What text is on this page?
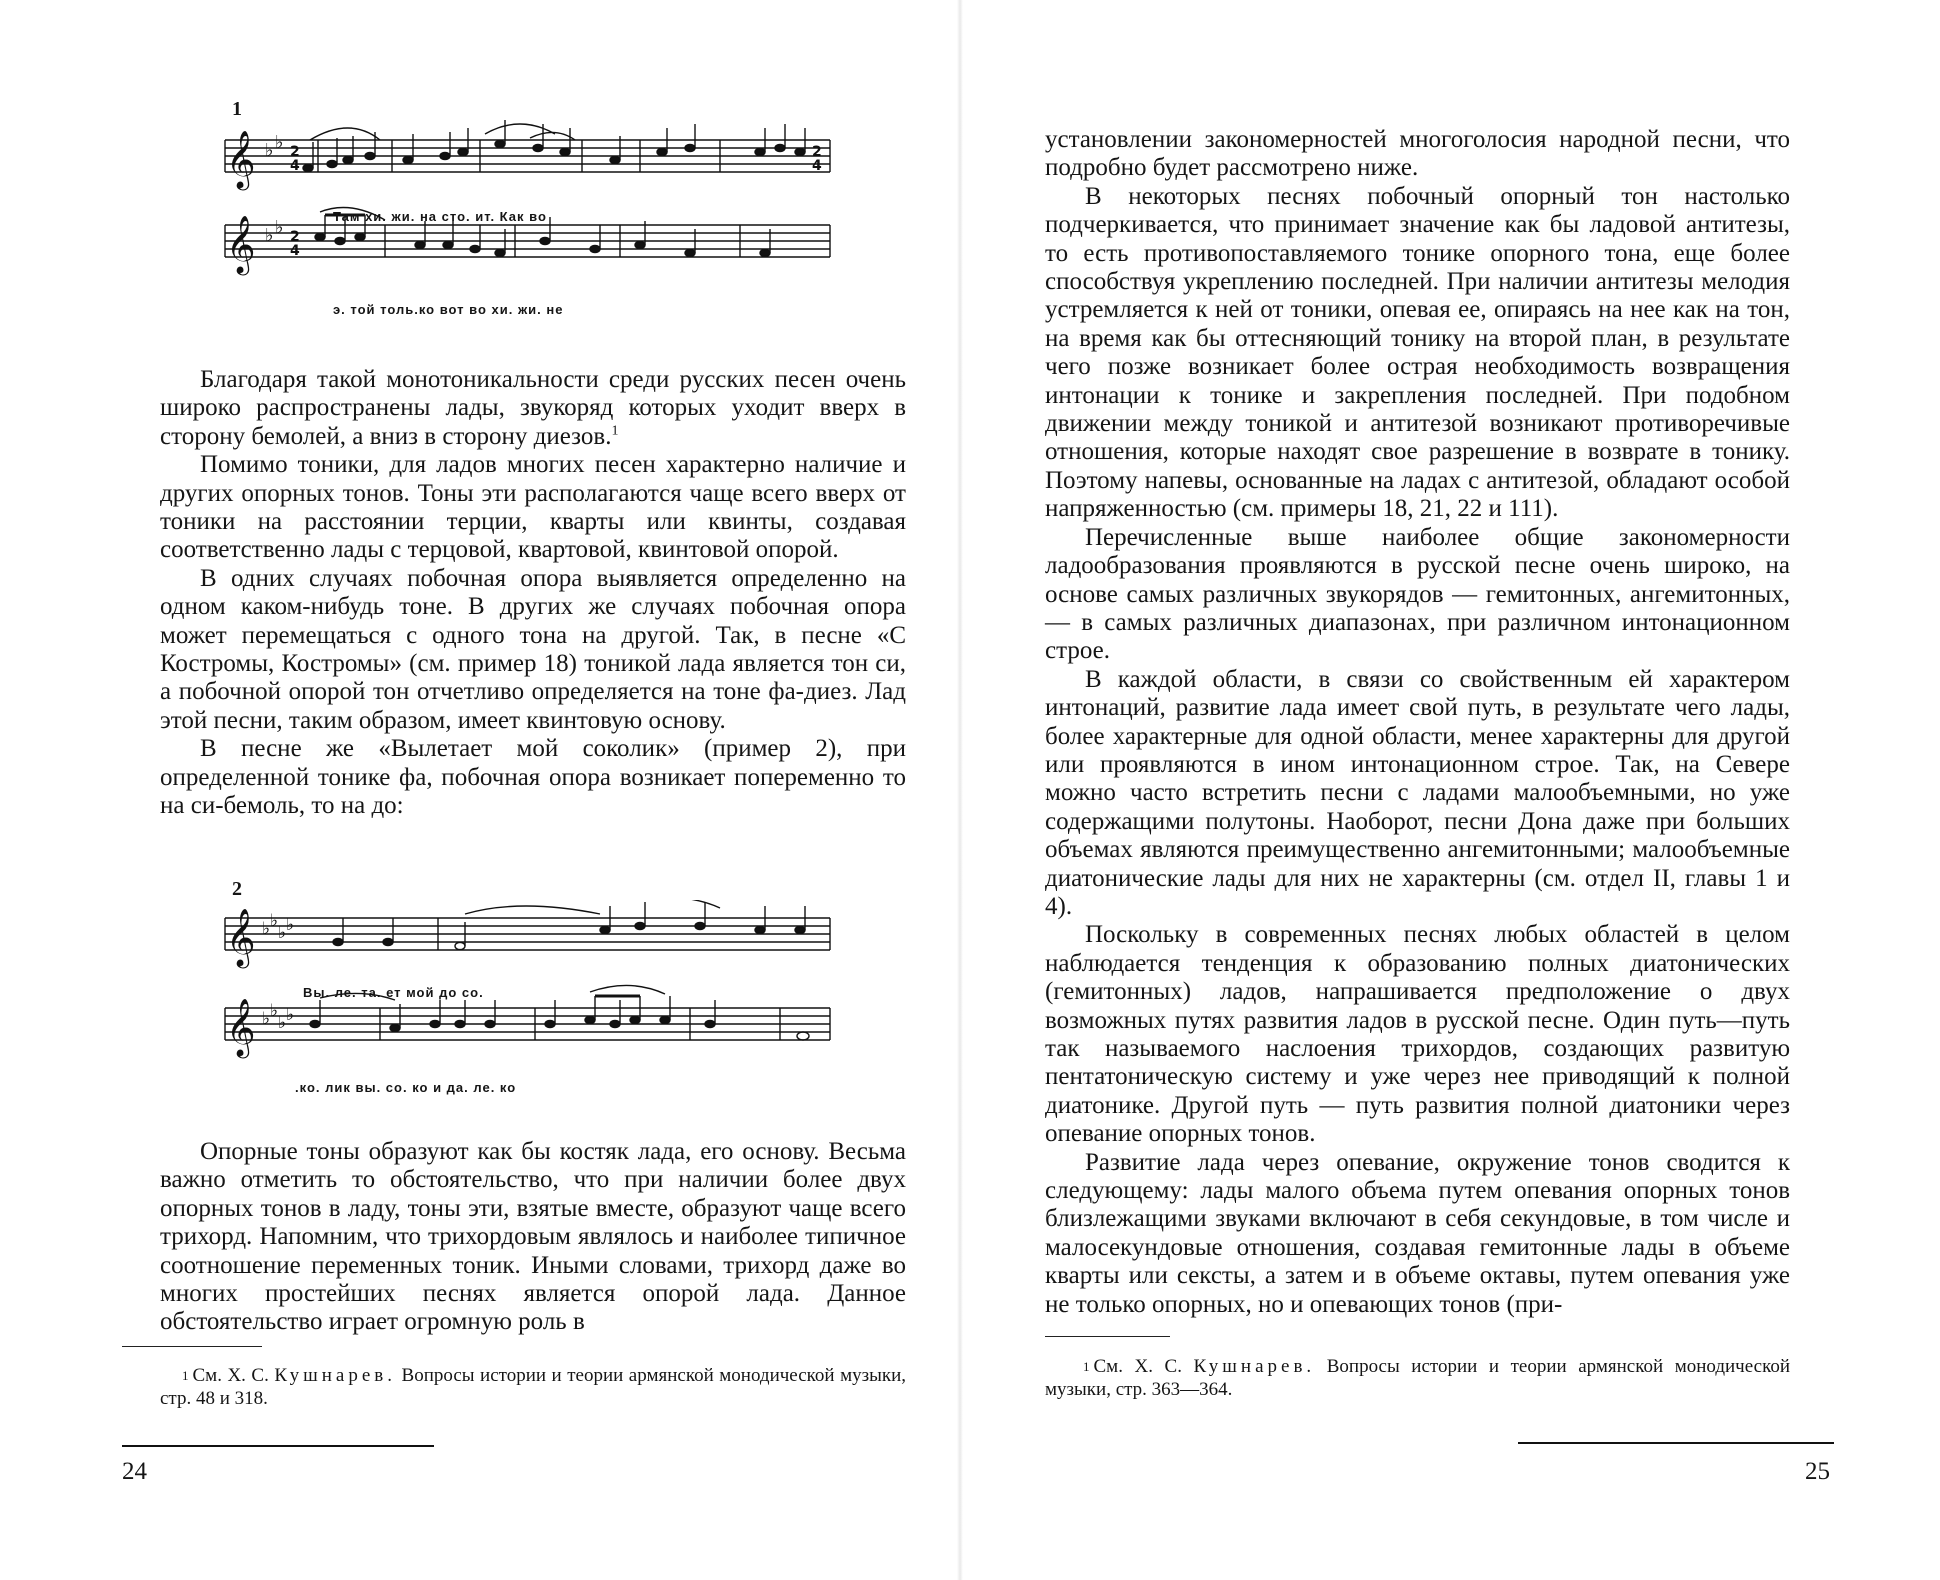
1
𝄞
𝄞
♭ ♭
♭ ♭
2
4
2
4
2
4
Там хи. жи. на сто. ит. Как во
э. той толь.ко вот во хи. жи. не

Благодаря такой монотоникальности среди русских песен очень широко распространены лады, звукоряд которых уходит вверх в сторону бемолей, а вниз в сторону диезов.$^1$

Помимо тоники, для ладов многих песен характерно наличие и других опорных тонов. Тоны эти располагаются чаще всего вверх от тоники на расстоянии терции, кварты или квинты, создавая соответственно лады с терцовой, квартовой, квинтовой опорой.

В одних случаях побочная опора выявляется определенно на одном каком-нибудь тоне. В других же случаях побочная опора может перемещаться с одного тона на другой. Так, в песне «С Костромы, Костромы» (см. пример 18) тоникой лада является тон си, а побочной опорой тон отчетливо определяется на тоне фа-диез. Лад этой песни, таким образом, имеет квинтовую основу.

В песне же «Вылетает мой соколик» (пример 2), при определенной тонике фа, побочная опора возникает попеременно то на си-бемоль, то на до:

2
𝄞
𝄞
♭ ♭
♭ ♭
♭ ♭
♭ ♭
Вы. ле. та. ет мой до со.
.ко. лик вы. со. ко и да. ле. ко

Опорные тоны образуют как бы костяк лада, его основу. Весьма важно отметить то обстоятельство, что при наличии более двух опорных тонов в ладу, тоны эти, взятые вместе, образуют чаще всего трихорд. Напомним, что трихордовым являлось и наиболее типичное соотношение переменных тоник. Иными словами, трихорд даже во многих простейших песнях является опорой лада. Данное обстоятельство играет огромную роль в

$^1$ См. Х. С. Кушнарев. Вопросы истории и теории армянской монодической музыки, стр. 48 и 318.
24

установлении закономерностей многоголосия народной песни, что подробно будет рассмотрено ниже.

В некоторых песнях побочный опорный тон настолько подчеркивается, что принимает значение как бы ладовой антитезы, то есть противопоставляемого тонике опорного тона, еще более способствуя укреплению последней. При наличии антитезы мелодия устремляется к ней от тоники, опевая ее, опираясь на нее как на тон, на время как бы оттесняющий тонику на второй план, в результате чего позже возникает более острая необходимость возвращения интонации к тонике и закрепления последней. При подобном движении между тоникой и антитезой возникают противоречивые отношения, которые находят свое разрешение в возврате в тонику. Поэтому напевы, основанные на ладах с антитезой, обладают особой напряженностью (см. примеры 18, 21, 22 и 111).

Перечисленные выше наиболее общие закономерности ладообразования проявляются в русской песне очень широко, на основе самых различных звукорядов — гемитонных, ангемитонных, — в самых различных диапазонах, при различном интонационном строе.

В каждой области, в связи со свойственным ей характером интонаций, развитие лада имеет свой путь, в результате чего лады, более характерные для одной области, менее характерны для другой или проявляются в ином интонационном строе. Так, на Севере можно часто встретить песни с ладами малообъемными, но уже содержащими полутоны. Наоборот, песни Дона даже при больших объемах являются преимущественно ангемитонными; малообъемные диатонические лады для них не характерны (см. отдел II, главы 1 и 4).

Поскольку в современных песнях любых областей в целом наблюдается тенденция к образованию полных диатонических (гемитонных) ладов, напрашивается предположение о двух возможных путях развития ладов в русской песне. Один путь—путь так называемого наслоения трихордов, создающих развитую пентатоническую систему и уже через нее приводящий к полной диатонике. Другой путь — путь развития полной диатоники через опевание опорных тонов.

Развитие лада через опевание, окружение тонов сводится к следующему: лады малого объема путем опевания опорных тонов близлежащими звуками включают в себя секундовые, в том числе и малосекундовые отношения, создавая гемитонные лады в объеме кварты или сексты, а затем и в объеме октавы, путем опевания уже не только опорных, но и опевающих тонов (при-

$^1$ См. Х. С. Кушнарев. Вопросы истории и теории армянской монодической музыки, стр. 363—364.
25
